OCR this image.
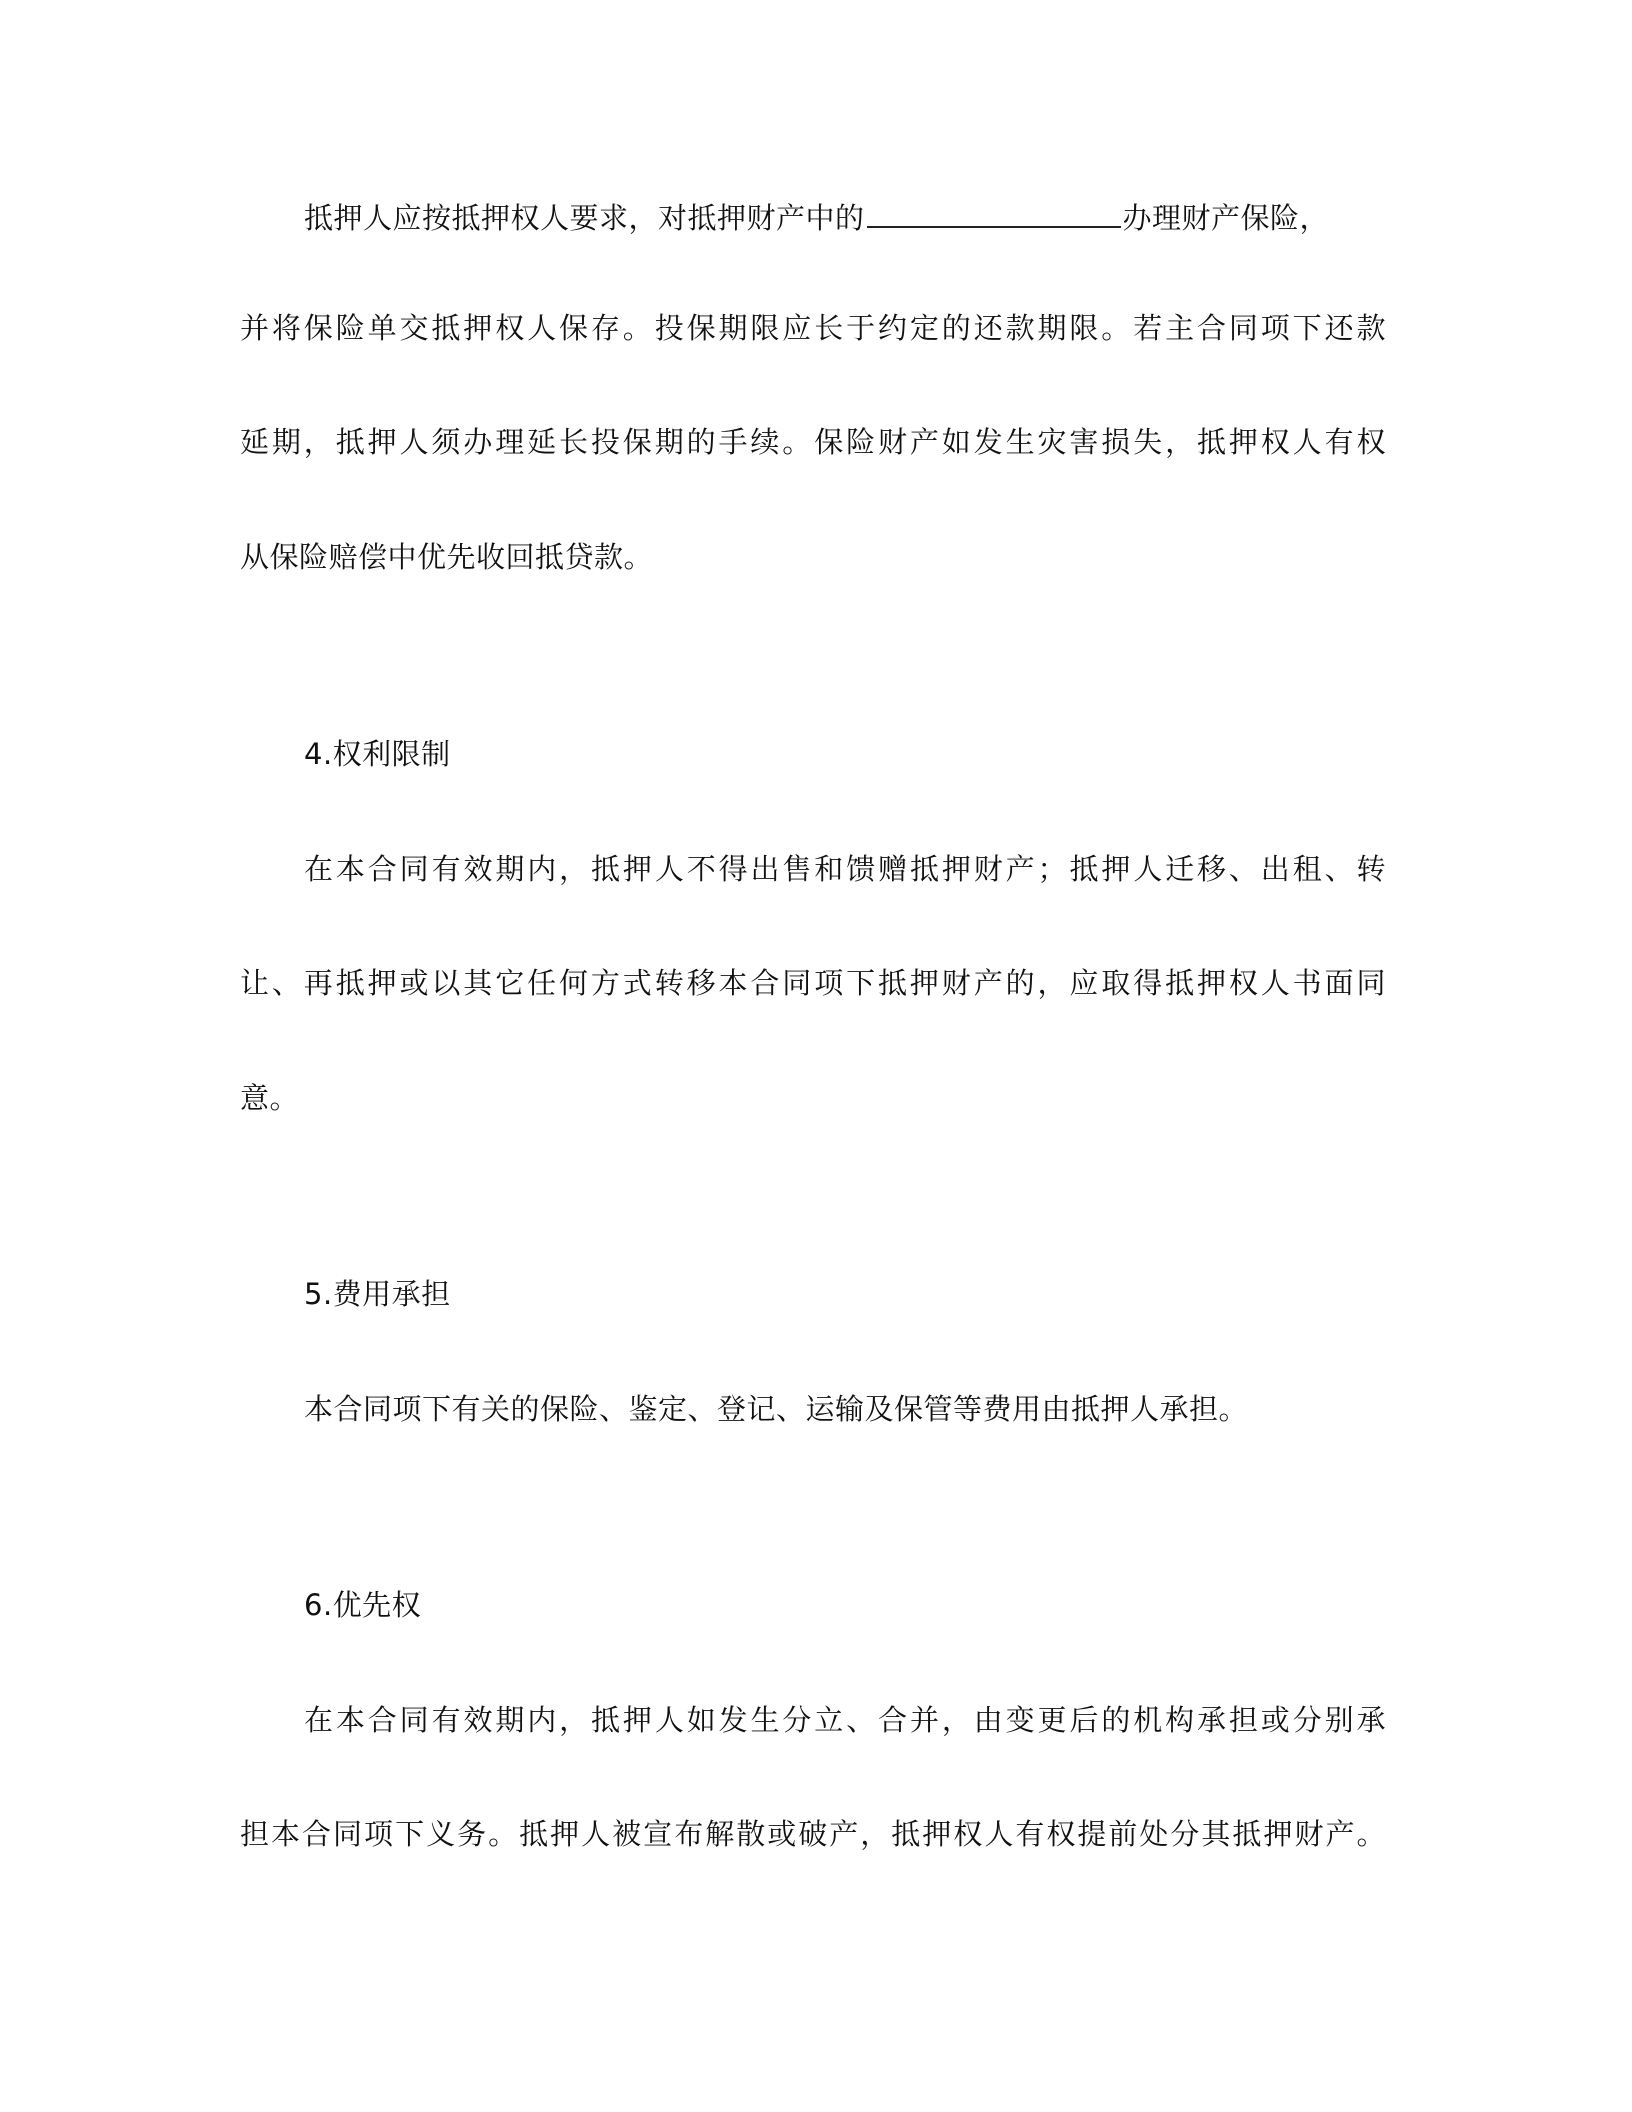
抵押人应按抵押权人要求，对抵押财产中的	办理财产保险，
并将保险单交抵押权人保存。投保期限应长于约定的还款期限。若主合同项下还款
延期，抵押人须办理延长投保期的手续。保险财产如发生灾害损失，抵押权人有权
从保险赔偿中优先收回抵贷款。
4.权利限制
在本合同有效期内，抵押人不得出售和馈赠抵押财产；抵押人迁移、出租、转
让、再抵押或以其它任何方式转移本合同项下抵押财产的，应取得抵押权人书面同
意。
5.费用承担
本合同项下有关的保险、鉴定、登记、运输及保管等费用由抵押人承担。
6.优先权
在本合同有效期内，抵押人如发生分立、合并，由变更后的机构承担或分别承
担本合同项下义务。抵押人被宣布解散或破产，抵押权人有权提前处分其抵押财产。
